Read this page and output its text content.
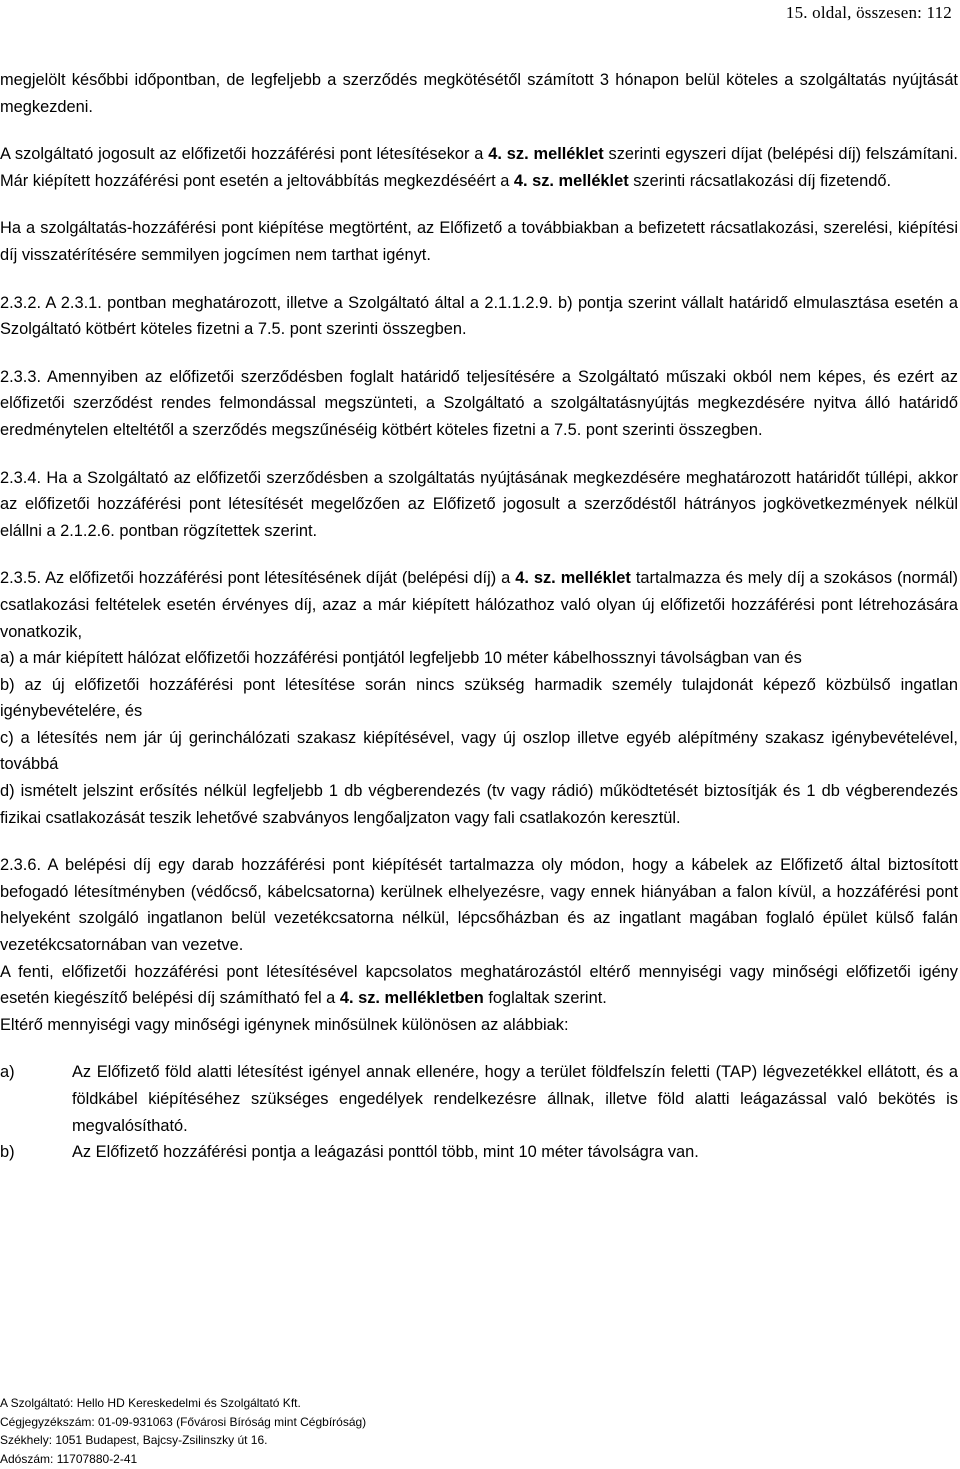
15. oldal, összesen: 112

megjelölt későbbi időpontban, de legfeljebb a szerződés megkötésétől számított 3 hónapon belül köteles a szolgáltatás nyújtását megkezdeni.

A szolgáltató jogosult az előfizetői hozzáférési pont létesítésekor a 4. sz. melléklet szerinti egyszeri díjat (belépési díj) felszámítani. Már kiépített hozzáférési pont esetén a jeltovábbítás megkezdéséért a 4. sz. melléklet szerinti rácsatlakozási díj fizetendő.

Ha a szolgáltatás-hozzáférési pont kiépítése megtörtént, az Előfizető a továbbiakban a befizetett rácsatlakozási, szerelési, kiépítési díj visszatérítésére semmilyen jogcímen nem tarthat igényt.

2.3.2. A 2.3.1. pontban meghatározott, illetve a Szolgáltató által a 2.1.1.2.9. b) pontja szerint vállalt határidő elmulasztása esetén a Szolgáltató kötbért köteles fizetni a 7.5. pont szerinti összegben.

2.3.3. Amennyiben az előfizetői szerződésben foglalt határidő teljesítésére a Szolgáltató műszaki okból nem képes, és ezért az előfizetői szerződést rendes felmondással megszünteti, a Szolgáltató a szolgáltatásnyújtás megkezdésére nyitva álló határidő eredménytelen elteltétől a szerződés megszűnéséig kötbért köteles fizetni a 7.5. pont szerinti összegben.

2.3.4. Ha a Szolgáltató az előfizetői szerződésben a szolgáltatás nyújtásának megkezdésére meghatározott határidőt túllépi, akkor az előfizetői hozzáférési pont létesítését megelőzően az Előfizető jogosult a szerződéstől hátrányos jogkövetkezmények nélkül elállni a 2.1.2.6. pontban rögzítettek szerint.

2.3.5. Az előfizetői hozzáférési pont létesítésének díját (belépési díj) a 4. sz. melléklet tartalmazza és mely díj a szokásos (normál) csatlakozási feltételek esetén érvényes díj, azaz a már kiépített hálózathoz való olyan új előfizetői hozzáférési pont létrehozására vonatkozik,

a) a már kiépített hálózat előfizetői hozzáférési pontjától legfeljebb 10 méter kábelhossznyi távolságban van és

b) az új előfizetői hozzáférési pont létesítése során nincs szükség harmadik személy tulajdonát képező közbülső ingatlan igénybevételére, és

c) a létesítés nem jár új gerinchálózati szakasz kiépítésével, vagy új oszlop illetve egyéb alépítmény szakasz igénybevételével, továbbá

d) ismételt jelszint erősítés nélkül legfeljebb 1 db végberendezés (tv vagy rádió) működtetését biztosítják és 1 db végberendezés fizikai csatlakozását teszik lehetővé szabványos lengőaljzaton vagy fali csatlakozón keresztül.

2.3.6. A belépési díj egy darab hozzáférési pont kiépítését tartalmazza oly módon, hogy a kábelek az Előfizető által biztosított befogadó létesítményben (védőcső, kábelcsatorna) kerülnek elhelyezésre, vagy ennek hiányában a falon kívül, a hozzáférési pont helyeként szolgáló ingatlanon belül vezetékcsatorna nélkül, lépcsőházban és az ingatlant magában foglaló épület külső falán vezetékcsatornában van vezetve.

A fenti, előfizetői hozzáférési pont létesítésével kapcsolatos meghatározástól eltérő mennyiségi vagy minőségi előfizetői igény esetén kiegészítő belépési díj számítható fel a 4. sz. mellékletben foglaltak szerint.

Eltérő mennyiségi vagy minőségi igénynek minősülnek különösen az alábbiak:

a)	Az Előfizető föld alatti létesítést igényel annak ellenére, hogy a terület földfelszín feletti (TAP) légvezetékkel ellátott, és a földkábel kiépítéséhez szükséges engedélyek rendelkezésre állnak, illetve föld alatti leágazással való bekötés is megvalósítható.
b)	Az Előfizető hozzáférési pontja a leágazási ponttól több, mint 10 méter távolságra van.
A Szolgáltató: Hello HD Kereskedelmi és Szolgáltató Kft.
Cégjegyzékszám: 01-09-931063 (Fővárosi Bíróság mint Cégbíróság)
Székhely: 1051 Budapest, Bajcsy-Zsilinszky út 16.
Adószám: 11707880-2-41
